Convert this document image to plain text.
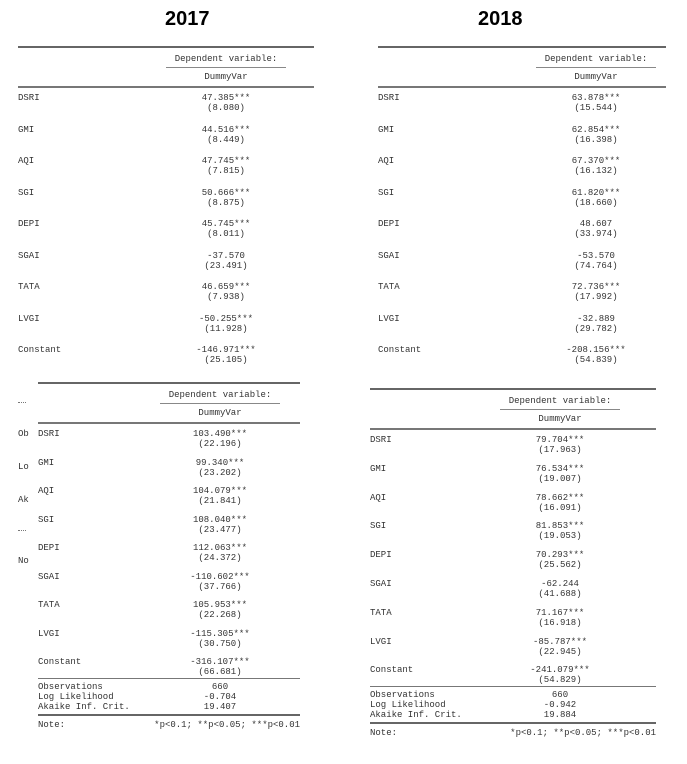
2017	2018
Dependent variable:
DummyVar
DSRI	47.385***
(8.080)
GMI	44.516***
(8.449)
AQI	47.745***
(7.815)
SGI	50.666***
(8.875)
DEPI	45.745***
(8.011)
SGAI	-37.570
(23.491)
TATA	46.659***
(7.938)
LVGI	-50.255***
(11.928)
Constant	-146.971***
(25.105)

Ob

Lo

Ak

No

Dependent variable:
DummyVar
DSRI	103.490***
(22.196)
GMI	99.340***
(23.202)
AQI	104.079***
(21.841)
SGI	108.040***
(23.477)
DEPI	112.063***
(24.372)
SGAI	-110.602***
(37.766)
TATA	105.953***
(22.268)
LVGI	-115.305***
(30.750)
Constant	-316.107***
(66.681)
Observations	660
Log Likelihood	-0.704
Akaike Inf. Crit.	19.407
Note:	*p<0.1; **p<0.05; ***p<0.01
Dependent variable:
DummyVar
DSRI	63.878***
(15.544)
GMI	62.854***
(16.398)
AQI	67.370***
(16.132)
SGI	61.820***
(18.660)
DEPI	48.607
(33.974)
SGAI	-53.570
(74.764)
TATA	72.736***
(17.992)
LVGI	-32.889
(29.782)
Constant	-208.156***
(54.839)
Dependent variable:
DummyVar
DSRI	79.704***
(17.963)
GMI	76.534***
(19.007)
AQI	78.662***
(16.091)
SGI	81.853***
(19.053)
DEPI	70.293***
(25.562)
SGAI	-62.244
(41.688)
TATA	71.167***
(16.918)
LVGI	-85.787***
(22.945)
Constant	-241.079***
(54.829)
Observations	660
Log Likelihood	-0.942
Akaike Inf. Crit.	19.884
Note:	*p<0.1; **p<0.05; ***p<0.01
